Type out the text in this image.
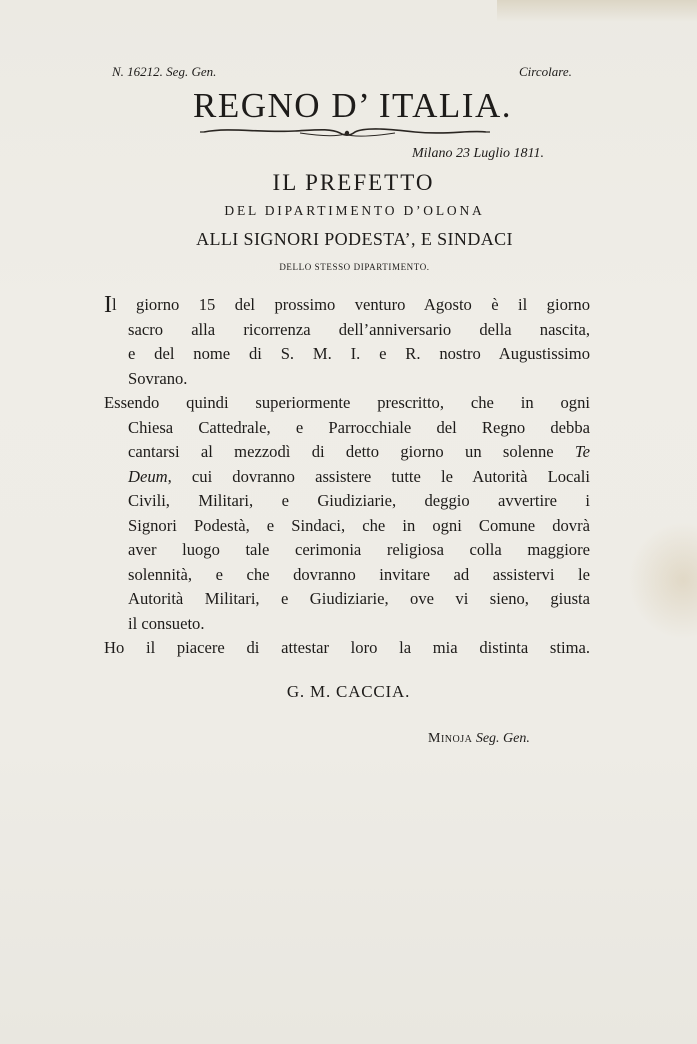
N. 16212. Seg. Gen.	Circolare.
REGNO D’ ITALIA.
Milano 23 Luglio 1811.
IL PREFETTO
DEL DIPARTIMENTO D’OLONA
ALLI SIGNORI PODESTA’, E SINDACI
DELLO STESSO DIPARTIMENTO.
Il giorno 15 del prossimo venturo Agosto è il giorno
sacro alla ricorrenza dell’anniversario della nascita,
e del nome di S. M. I. e R. nostro Augustissimo
Sovrano.
Essendo quindi superiormente prescritto, che in ogni
Chiesa Cattedrale, e Parrocchiale del Regno debba
cantarsi al mezzodì di detto giorno un solenne Te
Deum, cui dovranno assistere tutte le Autorità Locali
Civili, Militari, e Giudiziarie, deggio avvertire i
Signori Podestà, e Sindaci, che in ogni Comune dovrà
aver luogo tale cerimonia religiosa colla maggiore
solennità, e che dovranno invitare ad assistervi le
Autorità Militari, e Giudiziarie, ove vi sieno, giusta
il consueto.
Ho il piacere di attestar loro la mia distinta stima.
G. M. CACCIA.
Minoja Seg. Gen.
